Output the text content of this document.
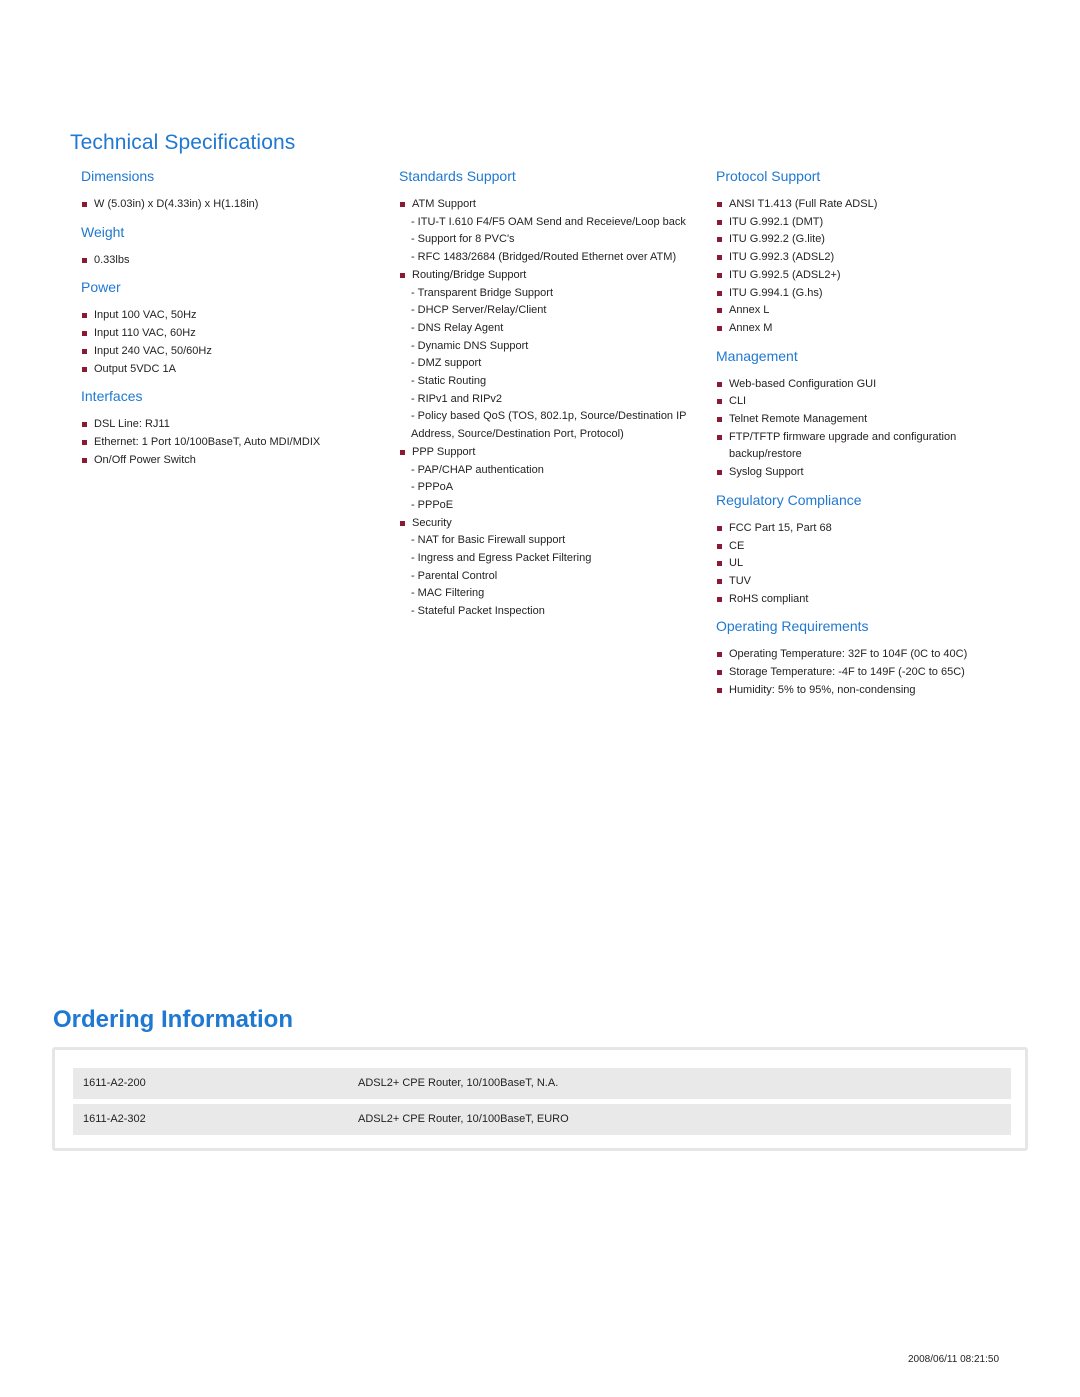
Technical Specifications
Dimensions
W (5.03in) x D(4.33in) x H(1.18in)
Weight
0.33lbs
Power
Input 100 VAC, 50Hz
Input 110 VAC, 60Hz
Input 240 VAC, 50/60Hz
Output 5VDC 1A
Interfaces
DSL Line: RJ11
Ethernet: 1 Port 10/100BaseT, Auto MDI/MDIX
On/Off Power Switch
Standards Support
ATM Support
- ITU-T I.610 F4/F5 OAM Send and Receieve/Loop back
- Support for 8 PVC's
- RFC 1483/2684 (Bridged/Routed Ethernet over ATM)
Routing/Bridge Support
- Transparent Bridge Support
- DHCP Server/Relay/Client
- DNS Relay Agent
- Dynamic DNS Support
- DMZ support
- Static Routing
- RIPv1 and RIPv2
- Policy based QoS (TOS, 802.1p, Source/Destination IP Address, Source/Destination Port, Protocol)
PPP Support
- PAP/CHAP authentication
- PPPoA
- PPPoE
Security
- NAT for Basic Firewall support
- Ingress and Egress Packet Filtering
- Parental Control
- MAC Filtering
- Stateful Packet Inspection
Protocol Support
ANSI T1.413 (Full Rate ADSL)
ITU G.992.1 (DMT)
ITU G.992.2 (G.lite)
ITU G.992.3 (ADSL2)
ITU G.992.5 (ADSL2+)
ITU G.994.1 (G.hs)
Annex L
Annex M
Management
Web-based Configuration GUI
CLI
Telnet Remote Management
FTP/TFTP firmware upgrade and configuration backup/restore
Syslog Support
Regulatory Compliance
FCC Part 15, Part 68
CE
UL
TUV
RoHS compliant
Operating Requirements
Operating Temperature: 32F to 104F (0C to 40C)
Storage Temperature: -4F to 149F (-20C to 65C)
Humidity: 5% to 95%, non-condensing
Ordering Information
1611-A2-200	ADSL2+ CPE Router, 10/100BaseT, N.A.
1611-A2-302	ADSL2+ CPE Router, 10/100BaseT, EURO
2008/06/11 08:21:50
